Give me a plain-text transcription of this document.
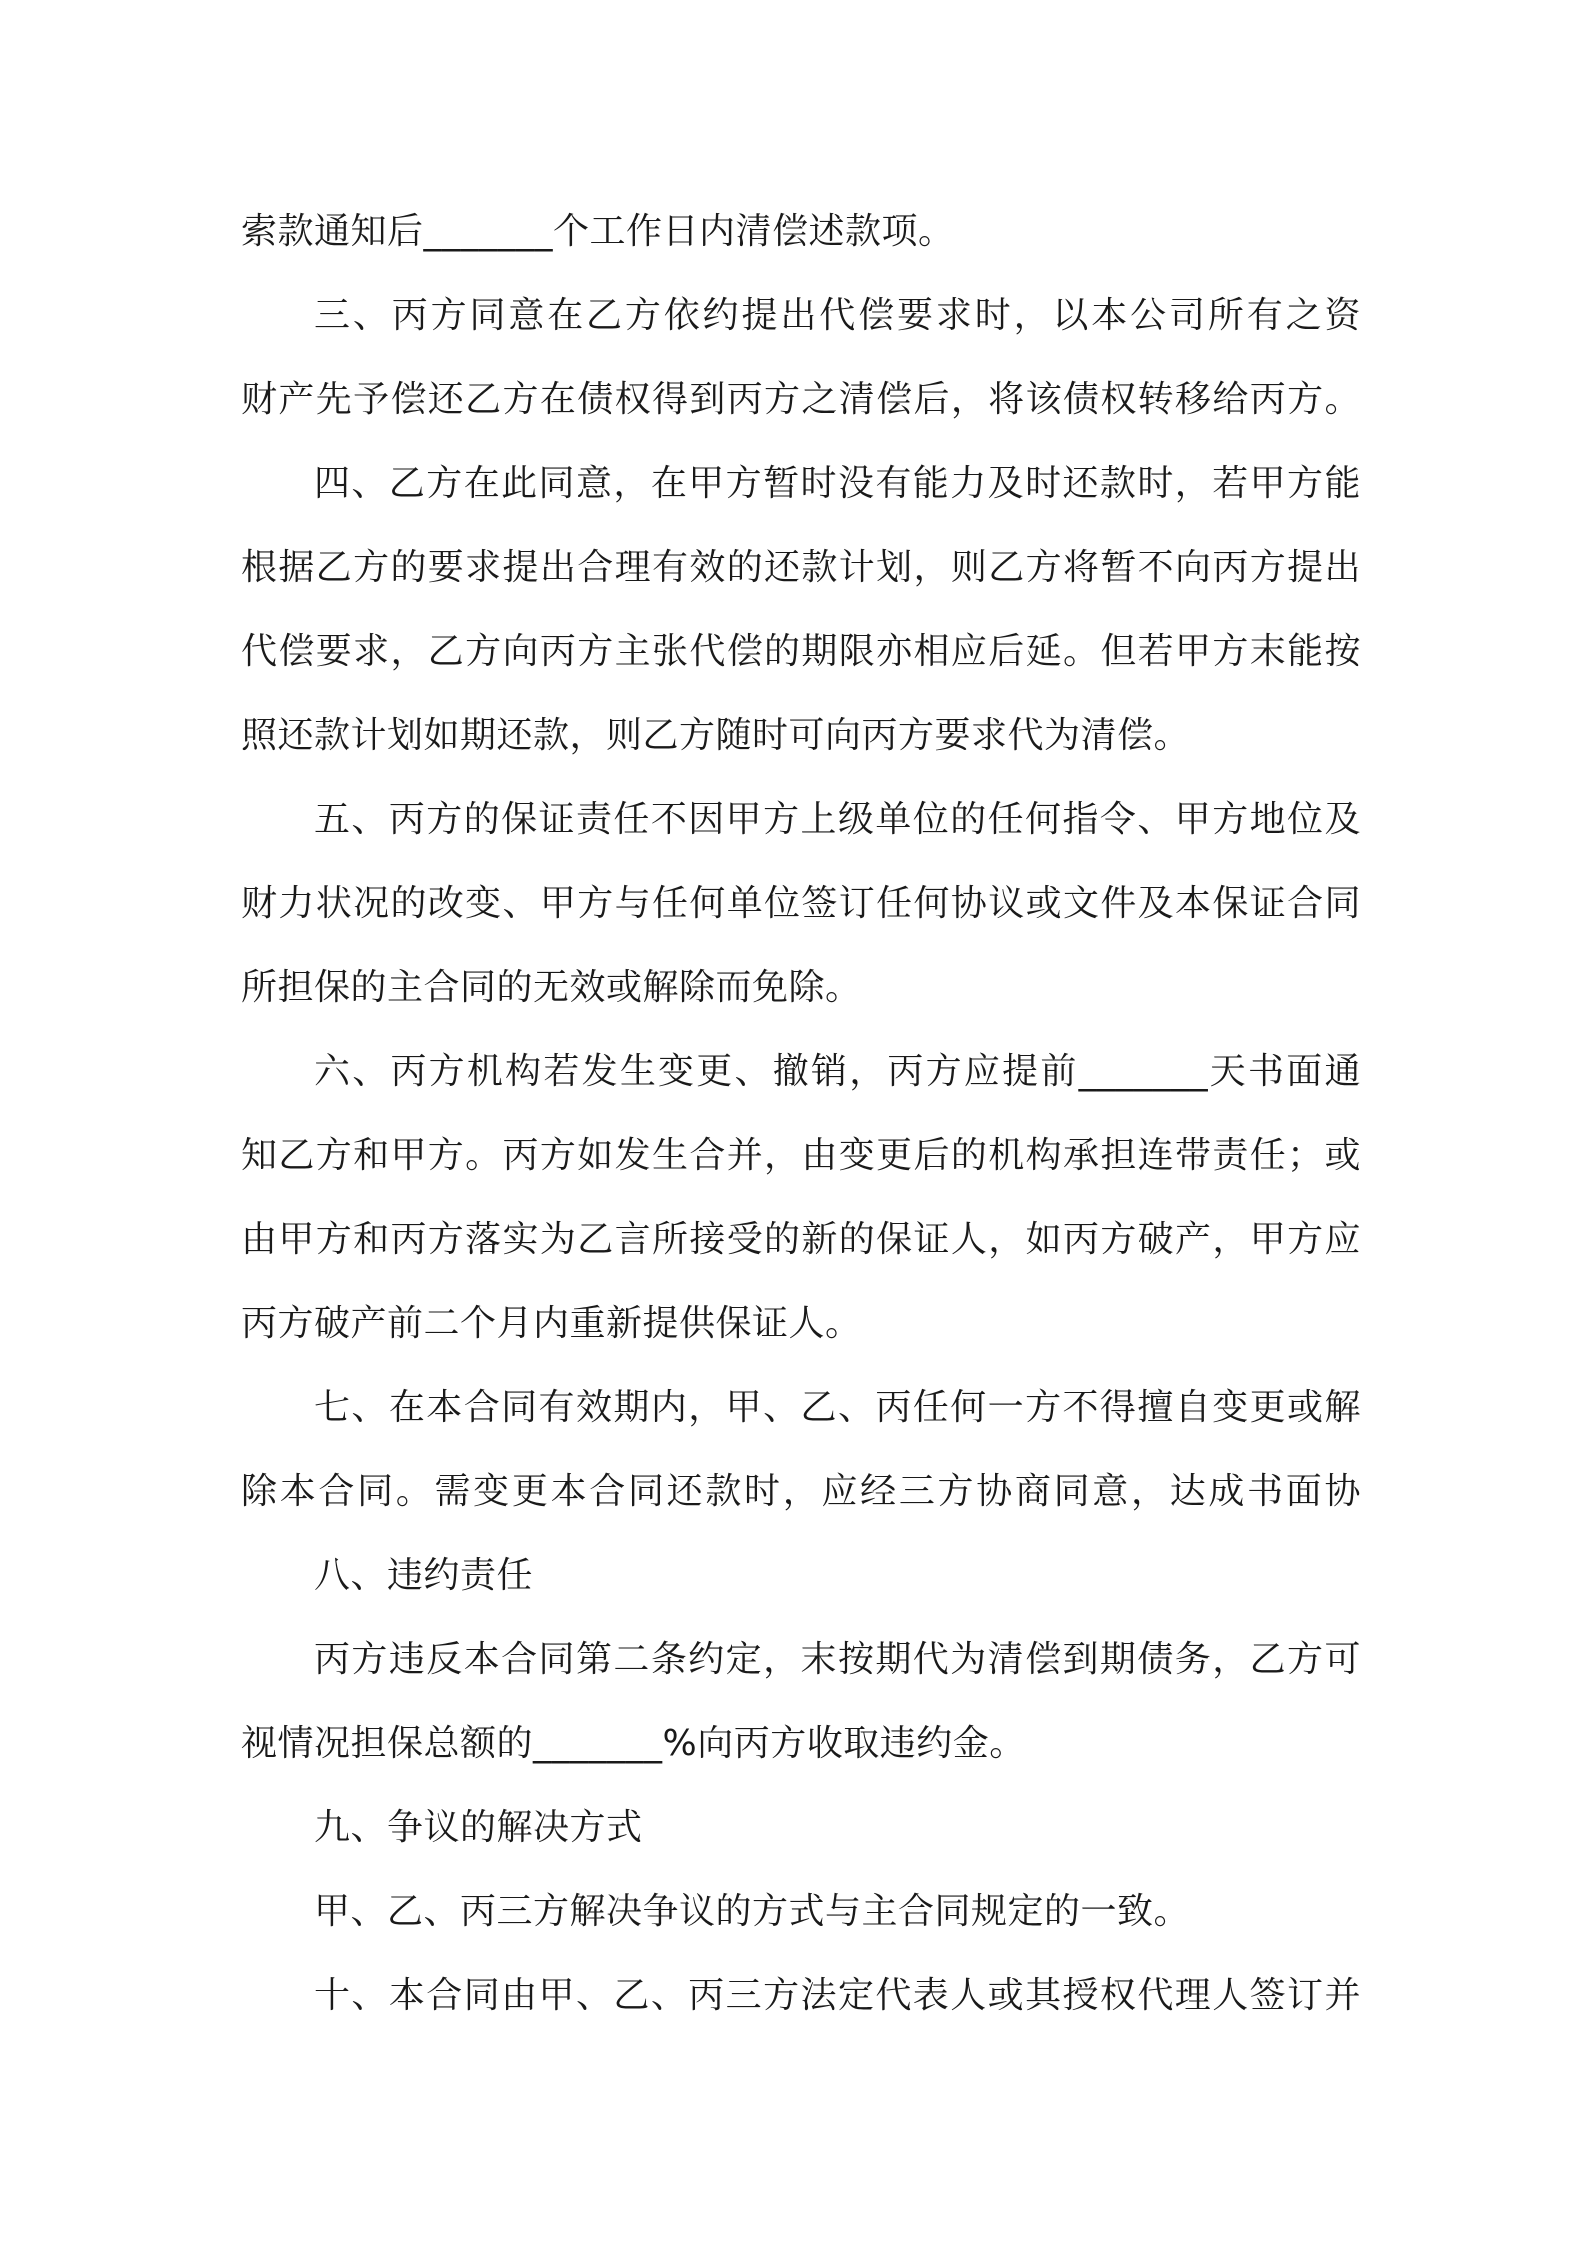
索款通知后_______个工作日内清偿述款项。
三、丙方同意在乙方依约提出代偿要求时，以本公司所有之资
财产先予偿还乙方在债权得到丙方之清偿后，将该债权转移给丙方。
四、乙方在此同意，在甲方暂时没有能力及时还款时，若甲方能
根据乙方的要求提出合理有效的还款计划，则乙方将暂不向丙方提出
代偿要求，乙方向丙方主张代偿的期限亦相应后延。但若甲方末能按
照还款计划如期还款，则乙方随时可向丙方要求代为清偿。
五、丙方的保证责任不因甲方上级单位的任何指令、甲方地位及
财力状况的改变、甲方与任何单位签订任何协议或文件及本保证合同
所担保的主合同的无效或解除而免除。
六、丙方机构若发生变更、撤销，丙方应提前_______天书面通
知乙方和甲方。丙方如发生合并，由变更后的机构承担连带责任；或
由甲方和丙方落实为乙言所接受的新的保证人，如丙方破产，甲方应
丙方破产前二个月内重新提供保证人。
七、在本合同有效期内，甲、乙、丙任何一方不得擅自变更或解
除本合同。需变更本合同还款时，应经三方协商同意，达成书面协
八、违约责任
丙方违反本合同第二条约定，末按期代为清偿到期债务，乙方可
视情况担保总额的_______%向丙方收取违约金。
九、争议的解决方式
甲、乙、丙三方解决争议的方式与主合同规定的一致。
十、本合同由甲、乙、丙三方法定代表人或其授权代理人签订并
